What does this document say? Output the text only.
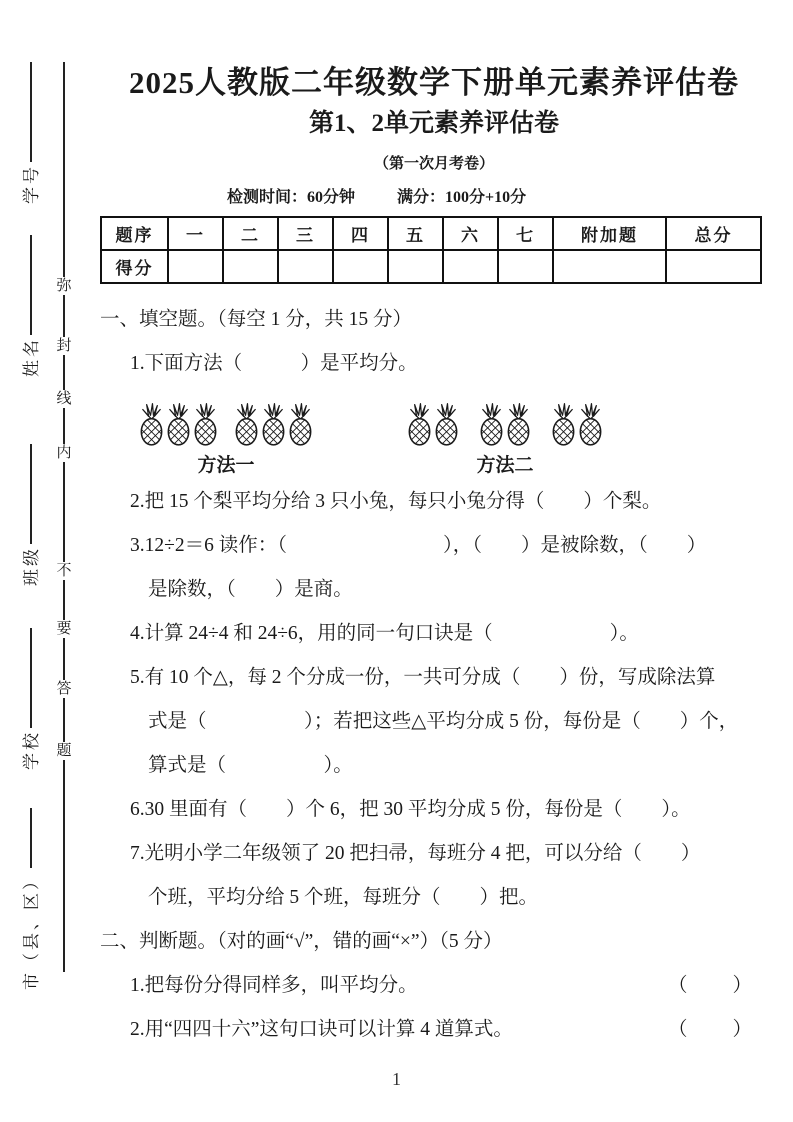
学号
姓名
班级
学校
市（县、区）
弥
封
线
内
不
要
答
题
2025人教版二年级数学下册单元素养评估卷
第1、2单元素养评估卷
（第一次月考卷）
检测时间：60分钟	满分：100分+10分
题序	一	二	三	四	五	六	七	附加题	总分
得分									
一、填空题。（每空 1 分，共 15 分）
1.下面方法（　　　）是平均分。
方法一	方法二
2.把 15 个梨平均分给 3 只小兔，每只小兔分得（　　）个梨。
3.12÷2＝6 读作：（　　　　　　　　），（　　）是被除数，（　　）
是除数，（　　）是商。
4.计算 24÷4 和 24÷6，用的同一句口诀是（　　　　　　）。
5.有 10 个△，每 2 个分成一份，一共可分成（　　）份，写成除法算
式是（　　　　　）；若把这些△平均分成 5 份，每份是（　　）个，
算式是（　　　　　）。
6.30 里面有（　　）个 6，把 30 平均分成 5 份，每份是（　　）。
7.光明小学二年级领了 20 把扫帚，每班分 4 把，可以分给（　　）
个班，平均分给 5 个班，每班分（　　）把。
二、判断题。（对的画“√”，错的画“×”）（5 分）
1.把每份分得同样多，叫平均分。	（　　）
2.用“四四十六”这句口诀可以计算 4 道算式。	（　　）
1
